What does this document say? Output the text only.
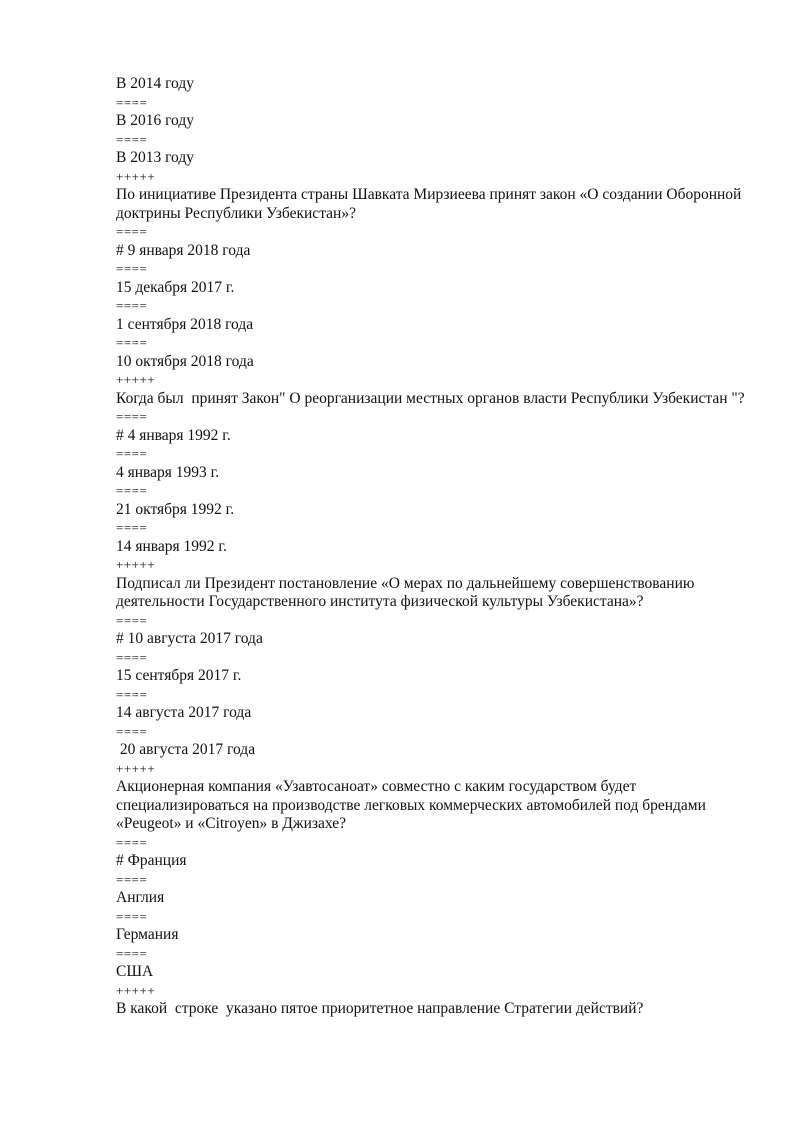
В 2014 году
====
В 2016 году
====
В 2013 году
+++++
По инициативе Президента страны Шавката Мирзиеева принят закон «О создании Оборонной доктрины Республики Узбекистан»?
====
# 9 января 2018 года
====
15 декабря 2017 г.
====
1 сентября 2018 года
====
10 октября 2018 года
+++++
Когда был  принят Закон" О реорганизации местных органов власти Республики Узбекистан "?
====
# 4 января 1992 г.
====
4 января 1993 г.
====
21 октября 1992 г.
====
14 января 1992 г.
+++++
Подписал ли Президент постановление «О мерах по дальнейшему совершенствованию деятельности Государственного института физической культуры Узбекистана»?
====
# 10 августа 2017 года
====
15 сентября 2017 г.
====
14 августа 2017 года
====
20 августа 2017 года
+++++
Акционерная компания «Узавтосаноат» совместно с каким государством будет специализироваться на производстве легковых коммерческих автомобилей под брендами «Peugeot» и «Citroyen» в Джизахе?
====
# Франция
====
Англия
====
Германия
====
США
+++++
В какой  строке  указано пятое приоритетное направление Стратегии действий?
